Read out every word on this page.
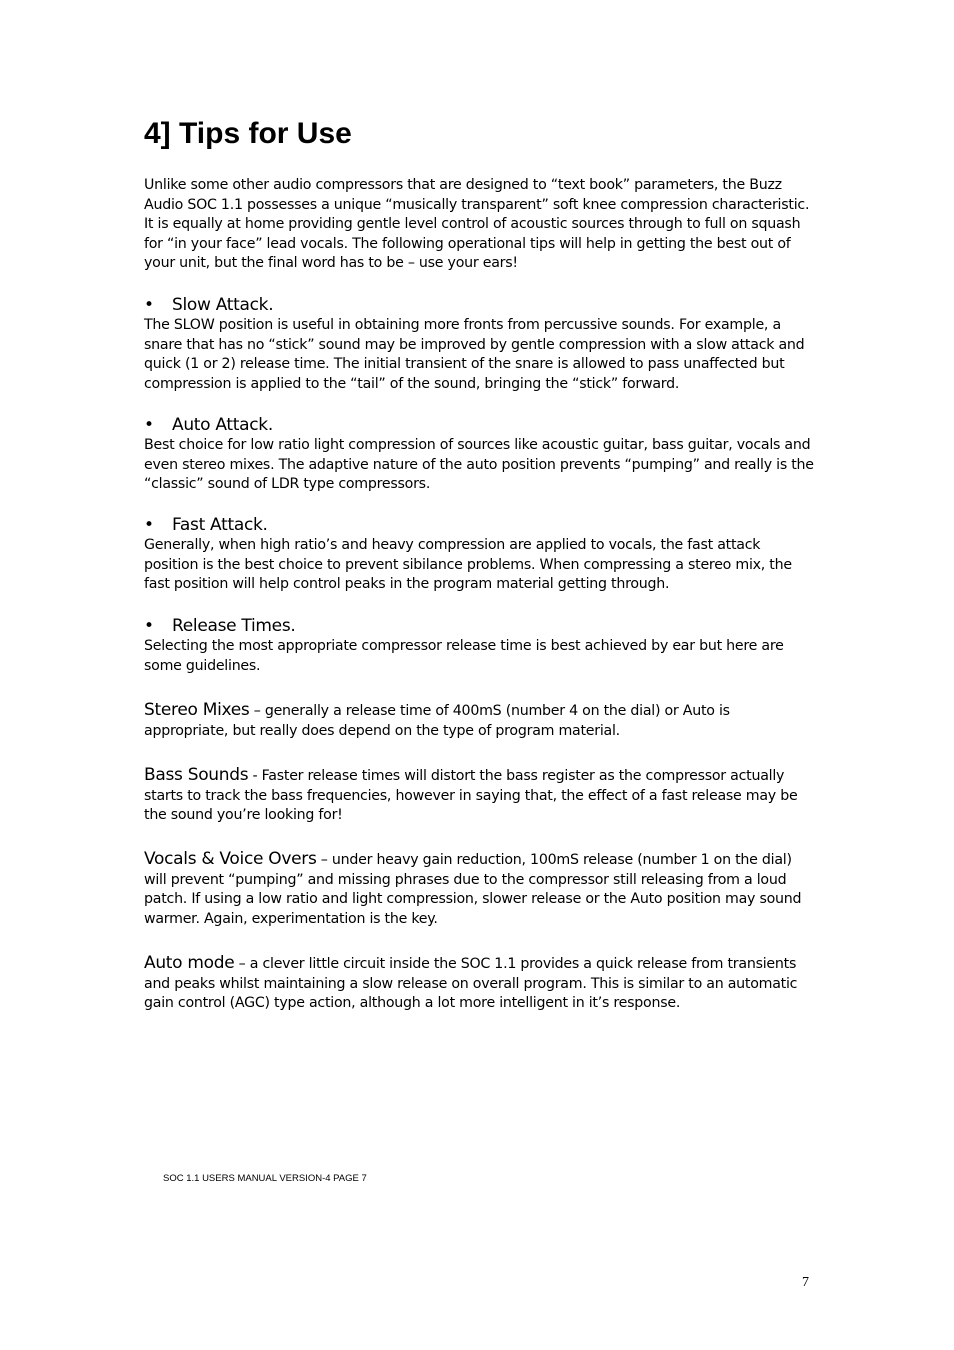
4] Tips for Use

Unlike some other audio compressors that are designed to “text book” parameters, the Buzz Audio SOC 1.1 possesses a unique “musically transparent” soft knee compression characteristic. It is equally at home providing gentle level control of acoustic sources through to full on squash for “in your face” lead vocals. The following operational tips will help in getting the best out of your unit, but the final word has to be – use your ears!

•	Slow Attack.

The SLOW position is useful in obtaining more fronts from percussive sounds. For example, a snare that has no “stick” sound may be improved by gentle compression with a slow attack and quick (1 or 2) release time. The initial transient of the snare is allowed to pass unaffected but compression is applied to the “tail” of the sound, bringing the “stick” forward.

•	Auto Attack.

Best choice for low ratio light compression of sources like acoustic guitar, bass guitar, vocals and even stereo mixes. The adaptive nature of the auto position prevents “pumping” and really is the “classic” sound of LDR type compressors.

•	Fast Attack.

Generally, when high ratio’s and heavy compression are applied to vocals, the fast attack position is the best choice to prevent sibilance problems. When compressing a stereo mix, the fast position will help control peaks in the program material getting through.

•	Release Times.

Selecting the most appropriate compressor release time is best achieved by ear but here are some guidelines.

Stereo Mixes – generally a release time of 400mS (number 4 on the dial) or Auto is appropriate, but really does depend on the type of program material.

Bass Sounds - Faster release times will distort the bass register as the compressor actually starts to track the bass frequencies, however in saying that, the effect of a fast release may be the sound you’re looking for!

Vocals & Voice Overs – under heavy gain reduction, 100mS release (number 1 on the dial) will prevent “pumping” and missing phrases due to the compressor still releasing from a loud patch. If using a low ratio and light compression, slower release or the Auto position may sound warmer. Again, experimentation is the key.

Auto mode – a clever little circuit inside the SOC 1.1 provides a quick release from transients and peaks whilst maintaining a slow release on overall program. This is similar to an automatic gain control (AGC) type action, although a lot more intelligent in it’s response.

SOC 1.1 USERS MANUAL VERSION-4 PAGE 7
7
